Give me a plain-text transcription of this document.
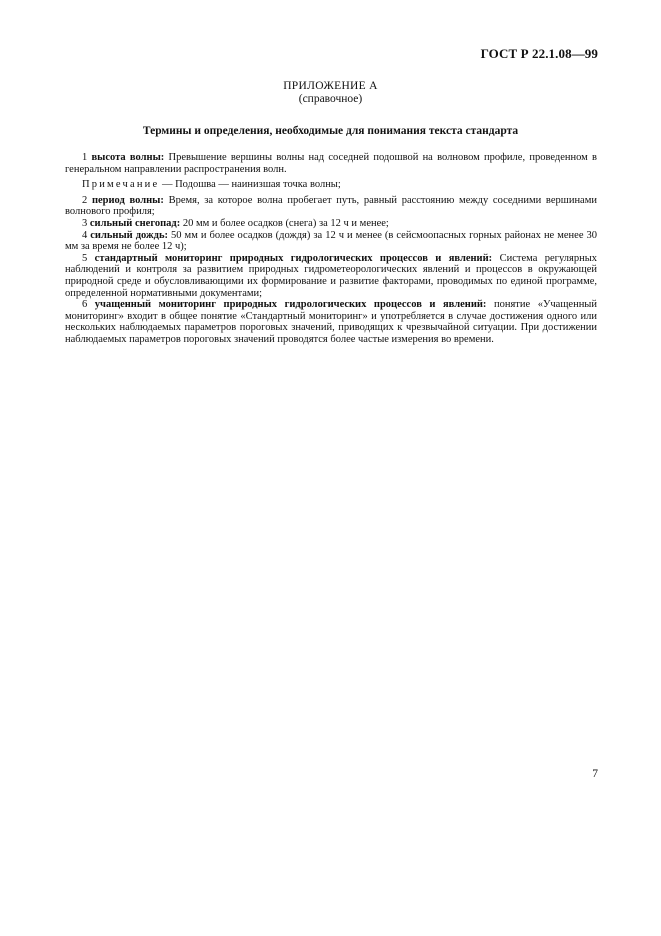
ГОСТ Р 22.1.08—99
ПРИЛОЖЕНИЕ А
(справочное)
Термины и определения, необходимые для понимания текста стандарта

1 высота волны: Превышение вершины волны над соседней подошвой на волновом профиле, проведенном в генеральном направлении распространения волн.

Примечание — Подошва — наинизшая точка волны;

2 период волны: Время, за которое волна пробегает путь, равный расстоянию между соседними вершинами волнового профиля;

3 сильный снегопад: 20 мм и более осадков (снега) за 12 ч и менее;

4 сильный дождь: 50 мм и более осадков (дождя) за 12 ч и менее (в сейсмоопасных горных районах не менее 30 мм за время не более 12 ч);

5 стандартный мониторинг природных гидрологических процессов и явлений: Система регулярных наблюдений и контроля за развитием природных гидрометеорологических явлений и процессов в окружающей природной среде и обусловливающими их формирование и развитие факторами, проводимых по единой программе, определенной нормативными документами;

6 учащенный мониторинг природных гидрологических процессов и явлений: понятие «Учащенный мониторинг» входит в общее понятие «Стандартный мониторинг» и употребляется в случае достижения одного или нескольких наблюдаемых параметров пороговых значений, приводящих к чрезвычайной ситуации. При достижении наблюдаемых параметров пороговых значений проводятся более частые измерения во времени.

7
